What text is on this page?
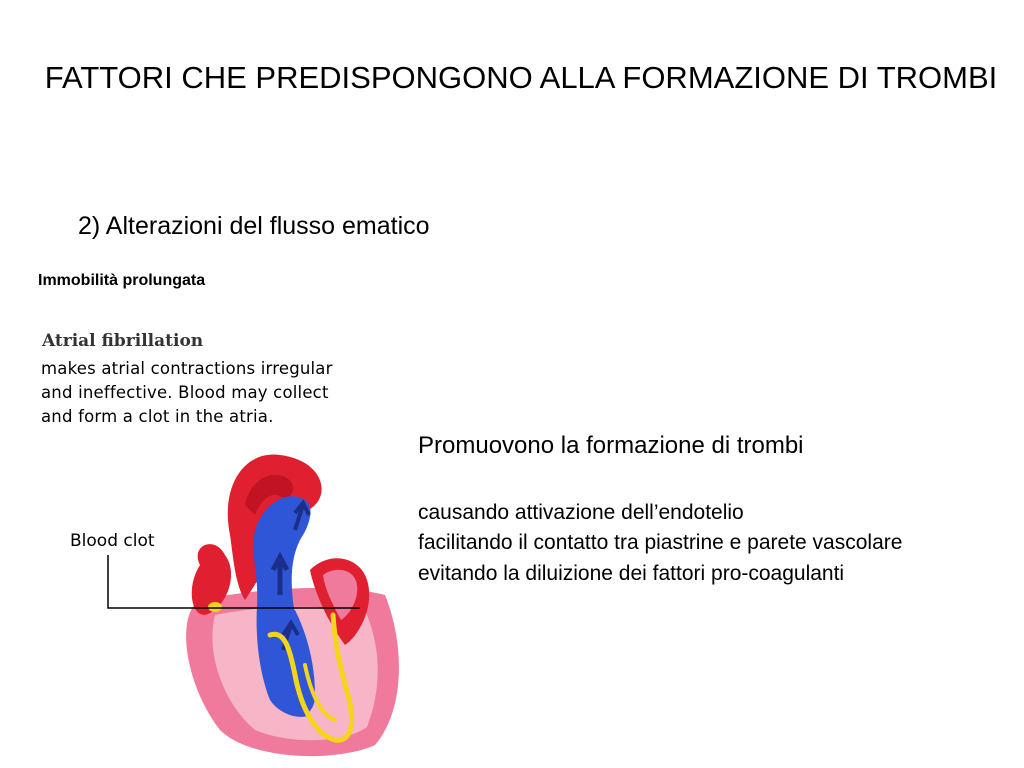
FATTORI CHE PREDISPONGONO ALLA FORMAZIONE DI TROMBI
2) Alterazioni del flusso ematico
Immobilità prolungata
Atrial fibrillation
makes atrial contractions irregular
and ineffective. Blood may collect
and form a clot in the atria.
Blood clot
Promuovono la formazione di trombi
causando attivazione dell’endotelio
facilitando il contatto tra piastrine e parete vascolare
evitando la diluizione dei fattori pro-coagulanti
